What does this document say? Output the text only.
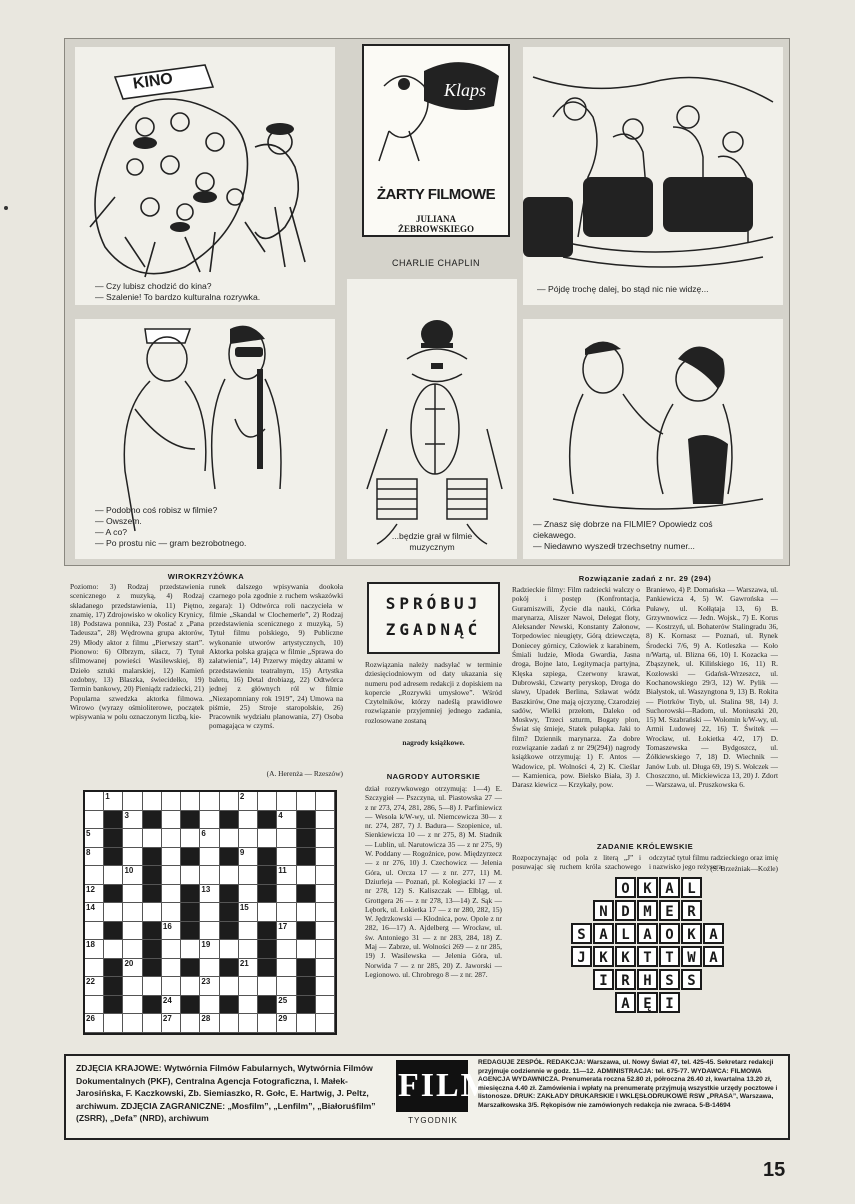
KINO
— Czy lubisz chodzić do kina?
— Szalenie! To bardzo kulturalna rozrywka.
— Pójdę trochę dalej, bo stąd nic nie widzę...
— Podobno coś robisz w filmie?
— Owszem.
— A co?
— Po prostu nic — gram bezrobotnego.
...będzie grał w filmie
muzycznym
— Znasz się dobrze na FILMIE? Opowiedz coś
ciekawego.
— Niedawno wyszedł trzechsetny numer...
Klaps
ŻARTY FILMOWE
JULIANA
ŻEBROWSKIEGO
CHARLIE CHAPLIN
WIROKRZYŻÓWKA
Poziomo: 3) Rodzaj przedstawienia scenicznego z muzyką, 4) Rodzaj składanego przedstawienia, 11) Piętno, znamię, 17) Zdrojowisko w okolicy Krynicy, 18) Podstawa ponnika, 23) Postać z „Pana Tadeusza”, 28) Wędrowna grupa aktorów, 29) Młody aktor z filmu „Pierwszy start”. Pionowo: 6) Olbrzym, siłacz, 7) Tytuł sfilmowanej powieści Wasilewskiej, 8) Dzieło sztuki malarskiej, 12) Kamień ozdobny, 13) Blaszka, świecidełko, 19) Termin bankowy, 20) Pieniądz radziecki, 21) Popularna szwedzka aktorka filmowa. Wirowo (wyrazy ośmioliterowe, początek wpisywania w polu oznaczonym liczbą, kie-
runek dalszego wpisywania dookoła czarnego pola zgodnie z ruchem wskazówki zegara): 1) Odtwórca roli naczycieła w filmie „Skandal w Clochemerle”, 2) Rodzaj przedstawienia scenicznego z muzyką, 5) Tytuł filmu polskiego, 9) Publiczne wykonanie utworów artystycznych, 10) Aktorka polska grająca w filmie „Sprawa do załatwienia”, 14) Przerwy między aktami w przedstawieniu teatralnym, 15) Artystka baletu, 16) Detal drobiazg, 22) Odtwórca jednej z głównych ról w filmie „Niezapomniany rok 1919”, 24) Umowa na piśmie, 25) Stroje staropolskie, 26) Pracownik wydziału planowania, 27) Osoba pomagająca w czymś.
(A. Herenża — Rzeszów)
1	2
3	4
5	6
8	9
10	11
12	13
14	15
16	17
18	19
20	21
22	23
24	25
26	27	28	29
SPRÓBUJ
ZGADNĄĆ
Rozwiązania należy nadsyłać w terminie dziesięciodniowym od daty ukazania się numeru pod adresem redakcji z dopiskiem na kopercie „Rozrywki umysłowe”. Wśród Czytelników, którzy nadeślą prawidłowe rozwiązanie przyjemniej jednego zadania, rozlosowane zostaną
nagrody książkowe.
NAGRODY AUTORSKIE
dział rozrywkowego otrzymują: 1—4) E. Szczygieł — Pszczyna, ul. Piastowska 27 — z nr 273, 274, 281, 286, 5—8) J. Parfiniewicz — Wesoła k/W-wy, ul. Niemcewicza 30— z nr. 274, 287, 7) J. Badura— Szopienice, ul. Sienkiewicza 10 — z nr 275, 8) M. Stadnik — Lublin, ul. Narutowicza 35 — z nr 275, 9) W. Poddany — Rogoźnice, pow. Międzyrzecz — z nr 276, 10) J. Czechowicz — Jelenia Góra, ul. Orcza 17 — z nr. 277, 11) M. Dziurleja — Poznań, pl. Kolegiacki 17 — z nr 278, 12) S. Kaliszczak — Elbląg, ul. Grottgera 26 — z nr 278, 13—14) Z. Sąk — Lębork, ul. Łokietka 17 — z nr 280, 282, 15) W. Jędrzkowski — Kłodnica, pow. Opole z nr 282, 16—17) A. Ajdelberg — Wrocław, ul. św. Antoniego 31 — z nr 283, 284, 18) Z. Maj — Zabrze, ul. Wolności 269 — z nr 285, 19) J. Wasilewska — Jelenia Góra, ul. Norwida 7 — z nr 285, 20) Z. Jaworski — Legionowo. ul. Chrobrego 8 — z nr. 287.
Rozwiązanie zadań z nr. 29 (294)
Radzieckie filmy: Film radziecki walczy o pokój i postęp (Konfrontacja, Guramiszwili, Życie dla nauki, Córka marynarza, Aliszer Nawoi, Delegat floty, Aleksander Newski, Konstanty Załonow, Torpedowiec nieugięty, Górą dziewczęta, Doniecey górnicy, Człowiek z karabinem, Śmiali ludzie, Młoda Gwardia, Jasna droga, Bojne lato, Legitymacja partyjna, Klęska szpiega, Czerwony krawat, Dubrowski, Czwarty peryskop, Droga do sławy, Upadek Berlina, Szławat wódz Baszkirów, One mają ojczyznę, Czarodziej sadów, Wielki przełom, Daleko od Moskwy, Trzeci szturm, Bogaty plon, Świat się śmieje, Statek pułapka. Jaki to film? Dziennik marynarza. Za dobre rozwiązanie zadań z nr 29(294)) nagrody książkowe otrzymują: 1) F. Antos — Wadowice, pl. Wolności 4, 2) K. Cieślar — Kamienica, pow. Bielsko Biała, 3) J. Darasz kiewicz — Krzykały, pow.
Braniewo, 4) P. Domańska — Warszawa, ul. Pankiewicza 4, 5) W. Gawrońska — Puławy, ul. Kołłątaja 13, 6) B. Grzywnowicz — Jedn. Wojsk., 7) E. Korus — Kostrzyń, ul. Bohaterów Stalingradu 36, 8) K. Kornasz — Poznań, ul. Rynek Środecki 7/6, 9) A. Kotleszka — Koło n/Wartą, ul. Blizna 66, 10) I. Kozacka — Zbąszynek, ul. Kilińskiego 16, 11) R. Kozłowski — Gdańsk-Wrzeszcz, ul. Kochanowskiego 29/3, 12) W. Pylik — Białystok, ul. Waszyngtona 9, 13) B. Rokita — Piotrków Tryb, ul. Stalina 98, 14) J. Suchorowski—Radom, ul. Moniuszki 20, 15) M. Szabrański — Wołomin k/W-wy, ul. Armii Ludowej 22, 16) T. Świtek — Wrocław, ul. Łokietka 4/2, 17) D. Tomaszewska — Bydgoszcz, ul. Żółkiewskiego 7, 18) D. Wiechnik — Janów Lub. ul. Długa 69, 19) S. Wołczek — Choszczno, ul. Mickiewicza 13, 20) J. Zdort — Warszawa, ul. Pruszkowska 6.
ZADANIE KRÓLEWSKIE
Rozpoczynając od pola z literą „J” i posuwając się ruchem króla szachowego odczytać tytuł filmu radzieckiego oraz imię i nazwisko jego reżysera.
(S. Brzeźniak—Koźle)
O K A L
N D M E R
S A L A O K A
J K K T T W A
I R H S S
A Ę I
ZDJĘCIA KRAJOWE: Wytwórnia Filmów Fabularnych, Wytwórnia Filmów Dokumentalnych (PKF), Centralna Agencja Fotograficzna, I. Małek-Jarosińska, F. Kaczkowski, Zb. Siemiaszko, R. Gołc, E. Hartwig, J. Peltz, archiwum. ZDJĘCIA ZAGRANICZNE: „Mosfilm”, „Lenfilm”, „Białoruśfilm” (ZSRR), „Defa” (NRD), archiwum
FILM
TYGODNIK
REDAGUJE ZESPÓŁ. REDAKCJA: Warszawa, ul. Nowy Świat 47, tel. 425-45. Sekretarz redakcji przyjmuje codziennie w godz. 11—12. ADMINISTRACJA: tel. 675-77. WYDAWCA: FILMOWA AGENCJA WYDAWNICZA. Prenumerata roczna 52.80 zł, półroczna 26.40 zł, kwartalna 13.20 zł, miesięczna 4.40 zł. Zamówienia i wpłaty na prenumeratę przyjmują wszystkie urzędy pocztowe i listonosze. DRUK: ZAKŁADY DRUKARSKIE I WKLĘSŁODRUKOWE RSW „PRASA”, Warszawa, Marszałkowska 3/5. Rękopisów nie zamówionych redakcja nie zwraca. 5-B-14694
15
